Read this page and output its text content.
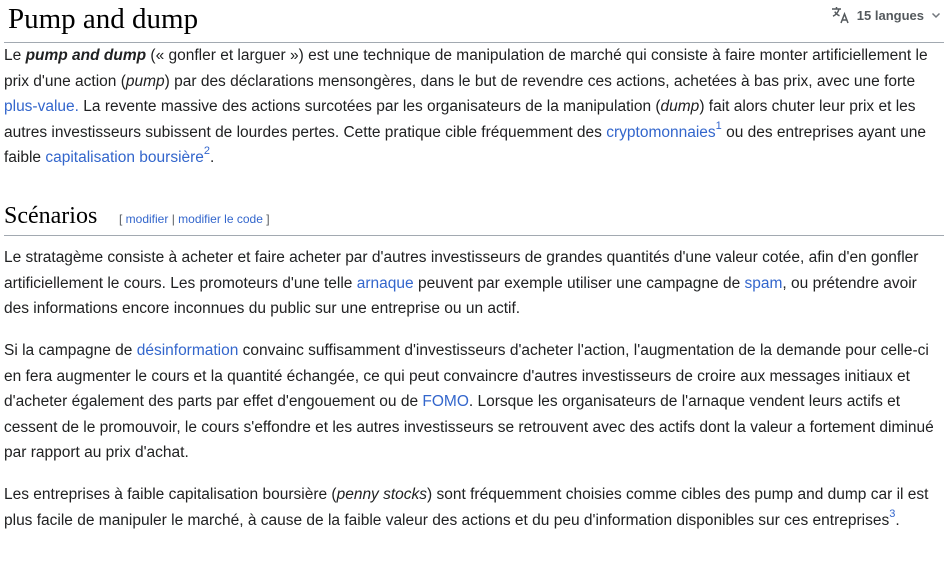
Pump and dump	15 langues

Le pump and dump (« gonfler et larguer ») est une technique de manipulation de marché qui consiste à faire monter artificiellement le prix d'une action (pump) par des déclarations mensongères, dans le but de revendre ces actions, achetées à bas prix, avec une forte plus-value. La revente massive des actions surcotées par les organisateurs de la manipulation (dump) fait alors chuter leur prix et les autres investisseurs subissent de lourdes pertes. Cette pratique cible fréquemment des cryptomonnaies$^1$ ou des entreprises ayant une faible capitalisation boursière$^2$.

Scénarios [ modifier | modifier le code ]

Le stratagème consiste à acheter et faire acheter par d'autres investisseurs de grandes quantités d'une valeur cotée, afin d'en gonfler artificiellement le cours. Les promoteurs d'une telle arnaque peuvent par exemple utiliser une campagne de spam, ou prétendre avoir des informations encore inconnues du public sur une entreprise ou un actif.

Si la campagne de désinformation convainc suffisamment d'investisseurs d'acheter l'action, l'augmentation de la demande pour celle-ci en fera augmenter le cours et la quantité échangée, ce qui peut convaincre d'autres investisseurs de croire aux messages initiaux et d'acheter également des parts par effet d'engouement ou de FOMO. Lorsque les organisateurs de l'arnaque vendent leurs actifs et cessent de le promouvoir, le cours s'effondre et les autres investisseurs se retrouvent avec des actifs dont la valeur a fortement diminué par rapport au prix d'achat.

Les entreprises à faible capitalisation boursière (penny stocks) sont fréquemment choisies comme cibles des pump and dump car il est plus facile de manipuler le marché, à cause de la faible valeur des actions et du peu d'information disponibles sur ces entreprises$^3$.
